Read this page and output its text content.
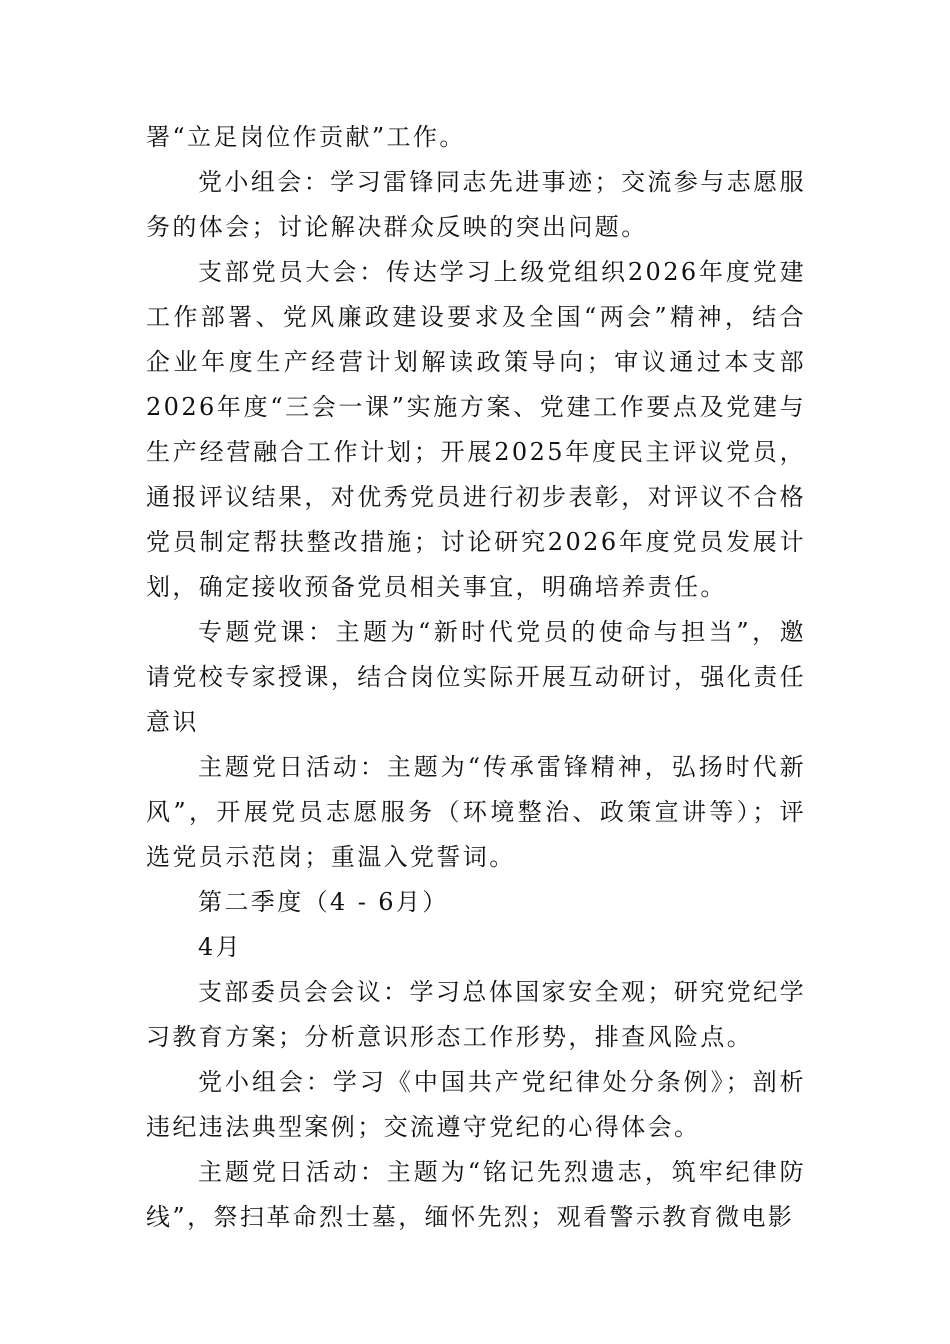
署“立足岗位作贡献”工作。

党小组会：学习雷锋同志先进事迹；交流参与志愿服务的体会；讨论解决群众反映的突出问题。

支部党员大会：传达学习上级党组织2026年度党建工作部署、党风廉政建设要求及全国“两会”精神，结合企业年度生产经营计划解读政策导向；审议通过本支部2026年度“三会一课”实施方案、党建工作要点及党建与生产经营融合工作计划；开展2025年度民主评议党员，通报评议结果，对优秀党员进行初步表彰，对评议不合格党员制定帮扶整改措施；讨论研究2026年度党员发展计划，确定接收预备党员相关事宜，明确培养责任。

专题党课：主题为“新时代党员的使命与担当”，邀请党校专家授课，结合岗位实际开展互动研讨，强化责任意识

主题党日活动：主题为“传承雷锋精神，弘扬时代新风”，开展党员志愿服务（环境整治、政策宣讲等）；评选党员示范岗；重温入党誓词。

第二季度（4 - 6月）

4月

支部委员会会议：学习总体国家安全观；研究党纪学习教育方案；分析意识形态工作形势，排查风险点。

党小组会：学习《中国共产党纪律处分条例》；剖析违纪违法典型案例；交流遵守党纪的心得体会。

主题党日活动：主题为“铭记先烈遗志，筑牢纪律防线”，祭扫革命烈士墓，缅怀先烈；观看警示教育微电影
